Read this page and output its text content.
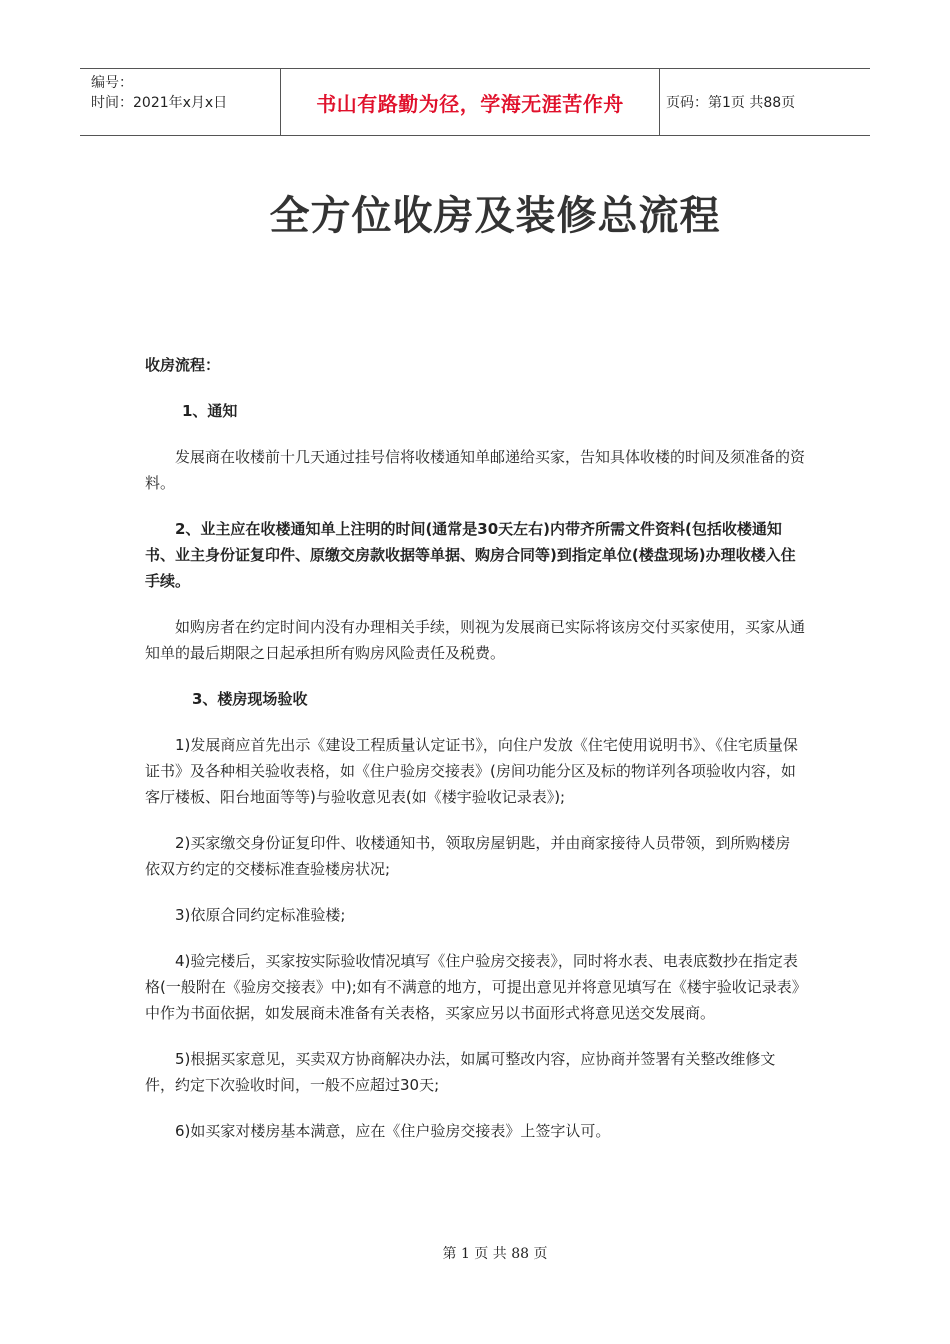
编号：
时间：2021年x月x日	书山有路勤为径，学海无涯苦作舟	页码：第1页 共88页
全方位收房及装修总流程

收房流程：

1、通知

发展商在收楼前十几天通过挂号信将收楼通知单邮递给买家，告知具体收楼的时间及须准备的资料。

2、业主应在收楼通知单上注明的时间(通常是30天左右)内带齐所需文件资料(包括收楼通知书、业主身份证复印件、原缴交房款收据等单据、购房合同等)到指定单位(楼盘现场)办理收楼入住手续。

如购房者在约定时间内没有办理相关手续，则视为发展商已实际将该房交付买家使用，买家从通知单的最后期限之日起承担所有购房风险责任及税费。

3、楼房现场验收

1)发展商应首先出示《建设工程质量认定证书》，向住户发放《住宅使用说明书》、《住宅质量保证书》及各种相关验收表格，如《住户验房交接表》(房间功能分区及标的物详列各项验收内容，如客厅楼板、阳台地面等等)与验收意见表(如《楼宇验收记录表》);

2)买家缴交身份证复印件、收楼通知书，领取房屋钥匙，并由商家接待人员带领，到所购楼房依双方约定的交楼标准查验楼房状况;

3)依原合同约定标准验楼;

4)验完楼后，买家按实际验收情况填写《住户验房交接表》，同时将水表、电表底数抄在指定表格(一般附在《验房交接表》中);如有不满意的地方，可提出意见并将意见填写在《楼宇验收记录表》中作为书面依据，如发展商未准备有关表格，买家应另以书面形式将意见送交发展商。

5)根据买家意见，买卖双方协商解决办法，如属可整改内容，应协商并签署有关整改维修文件，约定下次验收时间，一般不应超过30天;

6)如买家对楼房基本满意，应在《住户验房交接表》上签字认可。

第 1 页 共 88 页
